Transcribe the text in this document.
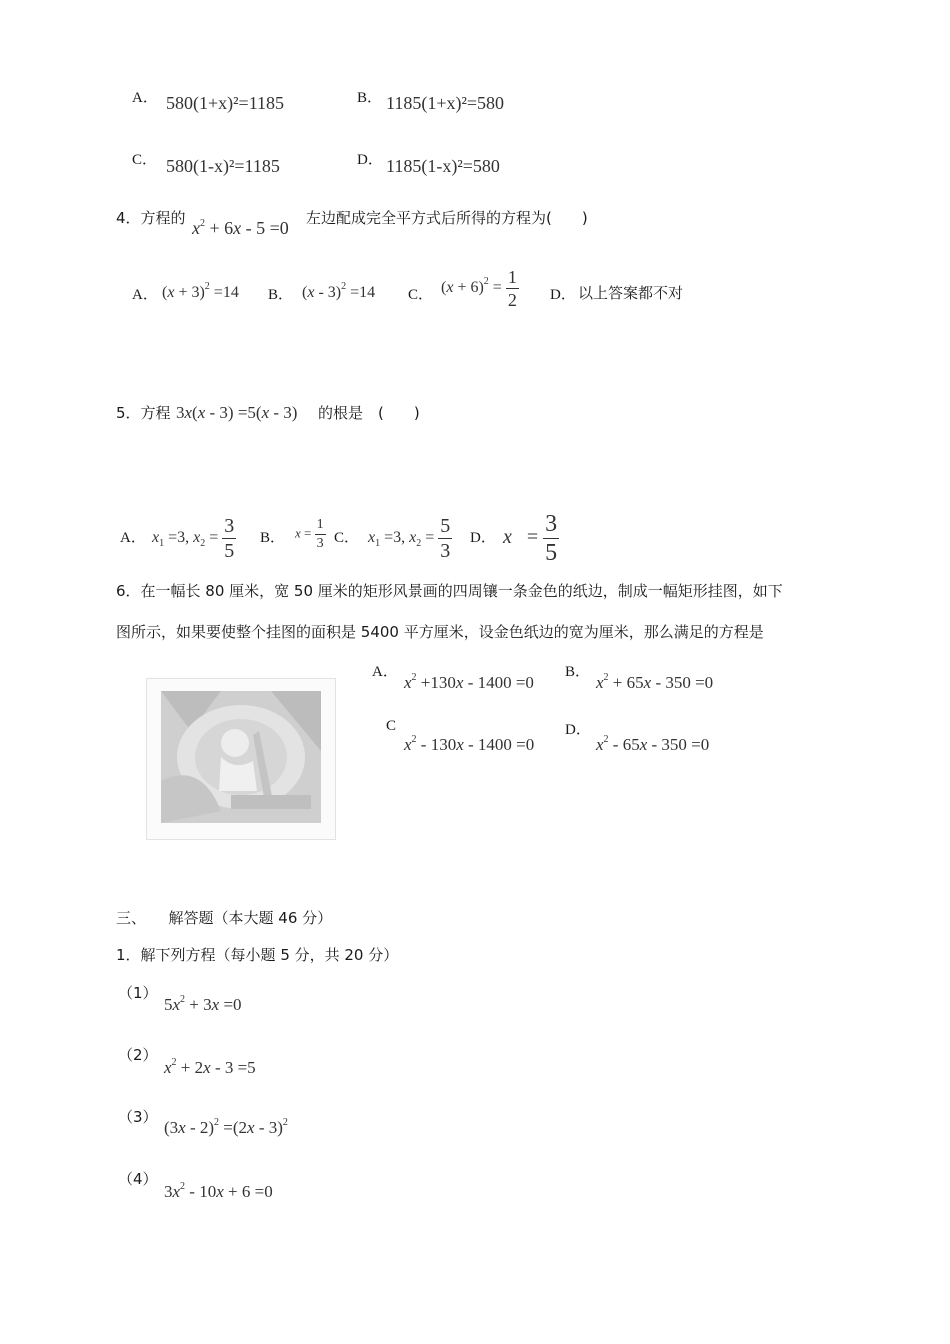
A． 580(1+x)²=1185	B． 1185(1+x)²=580
C． 580(1-x)²=1185	D． 1185(1-x)²=580
4．方程的 $x^2 + 6x - 5 =0$ 左边配成完全平方式后所得的方程为(　　)
A． $(x + 3)^2 =14$ B． (x - 3)$^2$ =14 C． $(x + 6)^2 = \frac{1}{2}$ D． 以上答案都不对
5．方程 3x(x - 3) =5(x - 3) 的根是　(　　)
A． $x_1 =3$, $x_2 = \frac{3}{5}$ B． $x = \frac{1}{3}$ C． $x_1 =3$, $x_2 = \frac{5}{3}$ D． $x = \frac{3}{5}$
6．在一幅长 80 厘米，宽 50 厘米的矩形风景画的四周镶一条金色的纸边，制成一幅矩形挂图，如下
图所示，如果要使整个挂图的面积是 5400 平方厘米，设金色纸边的宽为厘米，那么满足的方程是
A．
$x^2 +130x - 1400 =0$
B．
$x^2 + 65x - 350 =0$
C
$x^2 - 130x - 1400 =0$
D．
$x^2 - 65x - 350 =0$
三、　　解答题（本大题 46 分）
1．解下列方程（每小题 5 分，共 20 分）
（1）
$5x^2 + 3x =0$
（2）
$x^2 + 2x - 3 =5$
（3）
(3x - 2)$^2$ =(2x - 3)$^2$
（4）
$3x^2 - 10x + 6 =0$
